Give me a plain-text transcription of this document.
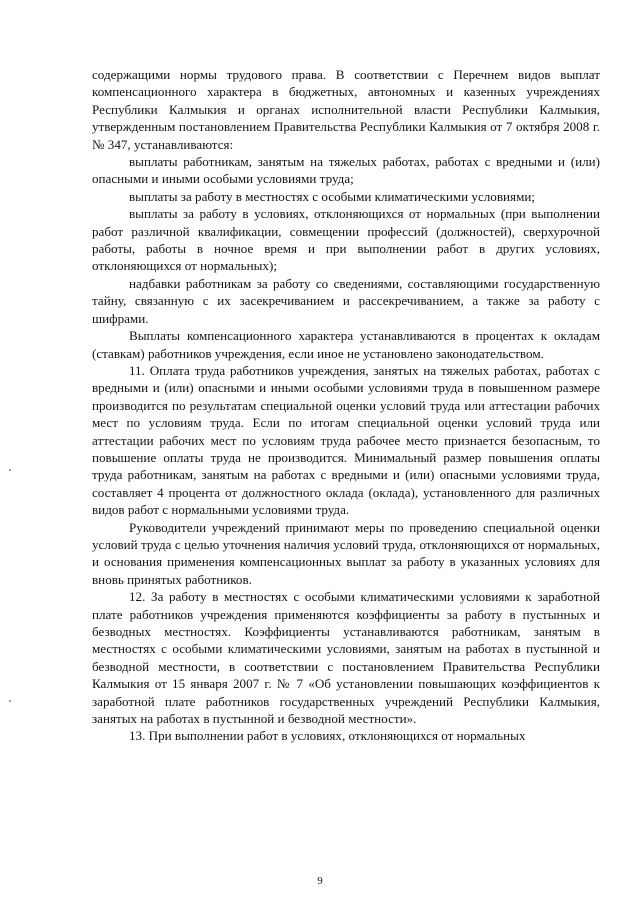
содержащими нормы трудового права. В соответствии с Перечнем видов выплат компенсационного характера в бюджетных, автономных и казенных учреждениях Республики Калмыкия и органах исполнительной власти Республики Калмыкия, утвержденным постановлением Правительства Республики Калмыкия от 7 октября 2008 г. № 347, устанавливаются:

выплаты работникам, занятым на тяжелых работах, работах с вредными и (или) опасными и иными особыми условиями труда;

выплаты за работу в местностях с особыми климатическими условиями;

выплаты за работу в условиях, отклоняющихся от нормальных (при выполнении работ различной квалификации, совмещении профессий (должностей), сверхурочной работы, работы в ночное время и при выполнении работ в других условиях, отклоняющихся от нормальных);

надбавки работникам за работу со сведениями, составляющими государственную тайну, связанную с их засекречиванием и рассекречиванием, а также за работу с шифрами.

Выплаты компенсационного характера устанавливаются в процентах к окладам (ставкам) работников учреждения, если иное не установлено законодательством.

11. Оплата труда работников учреждения, занятых на тяжелых работах, работах с вредными и (или) опасными и иными особыми условиями труда в повышенном размере производится по результатам специальной оценки условий труда или аттестации рабочих мест по условиям труда. Если по итогам специальной оценки условий труда или аттестации рабочих мест по условиям труда рабочее место признается безопасным, то повышение оплаты труда не производится. Минимальный размер повышения оплаты труда работникам, занятым на работах с вредными и (или) опасными условиями труда, составляет 4 процента от должностного оклада (оклада), установленного для различных видов работ с нормальными условиями труда.

Руководители учреждений принимают меры по проведению специальной оценки условий труда с целью уточнения наличия условий труда, отклоняющихся от нормальных, и основания применения компенсационных выплат за работу в указанных условиях для вновь принятых работников.

12. За работу в местностях с особыми климатическими условиями к заработной плате работников учреждения применяются коэффициенты за работу в пустынных и безводных местностях. Коэффициенты устанавливаются работникам, занятым в местностях с особыми климатическими условиями, занятым на работах в пустынной и безводной местности, в соответствии с постановлением Правительства Республики Калмыкия от 15 января 2007 г. № 7 «Об установлении повышающих коэффициентов к заработной плате работников государственных учреждений Республики Калмыкия, занятых на работах в пустынной и безводной местности».

13. При выполнении работ в условиях, отклоняющихся от нормальных

9
